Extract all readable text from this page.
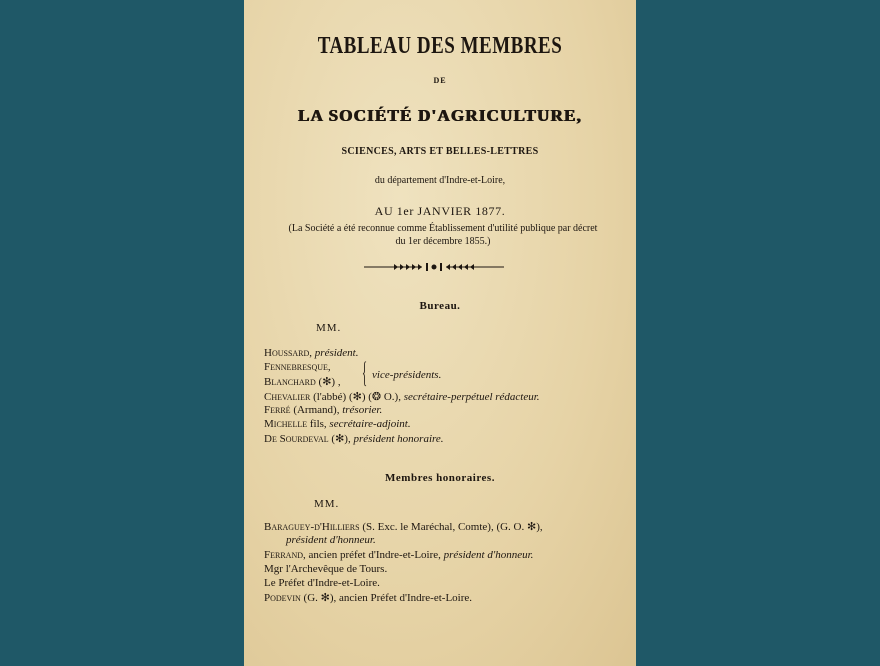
TABLEAU DES MEMBRES
DE
LA SOCIÉTÉ D'AGRICULTURE,
SCIENCES, ARTS ET BELLES-LETTRES
du département d'Indre-et-Loire,
AU 1er JANVIER 1877.
(La Société a été reconnue comme Établissement d'utilité publique par décret
du 1er décembre 1855.)
Bureau.
MM.
Houssard, président.
Fennebresque,
Blanchard (✻) , { vice-présidents.
Chevalier (l'abbé) (✻) (❂ O.), secrétaire-perpétuel rédacteur.
Ferré (Armand), trésorier.
Michelle fils, secrétaire-adjoint.
De Sourdeval (✻), président honoraire.
Membres honoraires.
MM.
Baraguey-d'Hilliers (S. Exc. le Maréchal, Comte), (G. O. ✻),
président d'honneur.
Ferrand, ancien préfet d'Indre-et-Loire, président d'honneur.
Mgr l'Archevêque de Tours.
Le Préfet d'Indre-et-Loire.
Podevin (G. ✻), ancien Préfet d'Indre-et-Loire.
